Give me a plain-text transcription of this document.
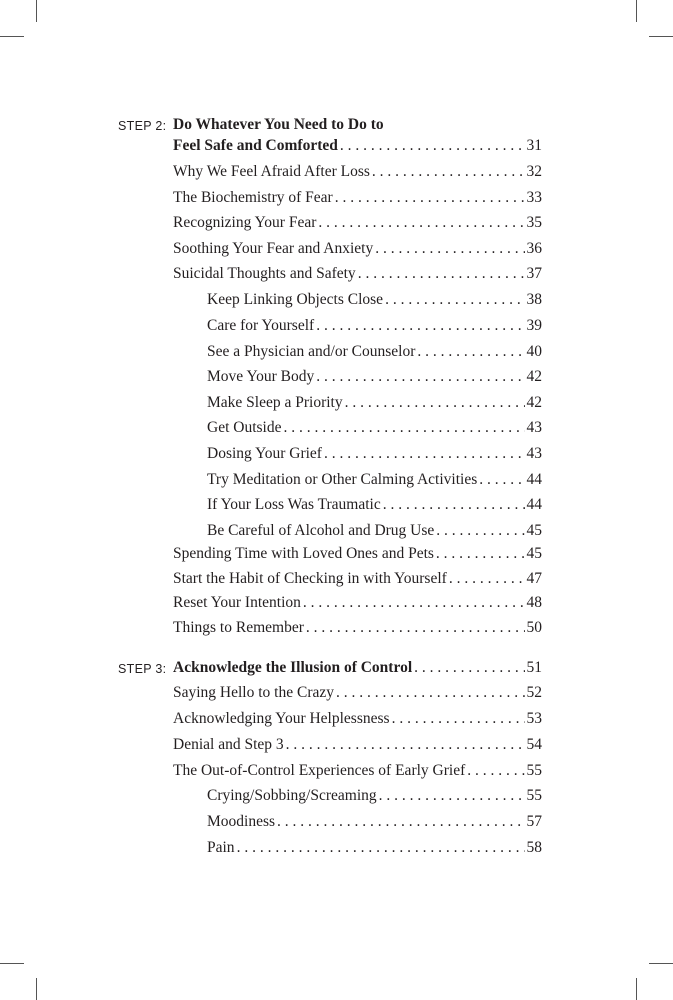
STEP 2: Do Whatever You Need to Do to
Feel Safe and Comforted . . .	31
Why We Feel Afraid After Loss . . .	32
The Biochemistry of Fear . . .	33
Recognizing Your Fear . . .	35
Soothing Your Fear and Anxiety . . .	36
Suicidal Thoughts and Safety . . .	37
Keep Linking Objects Close . . .	38
Care for Yourself . . .	39
See a Physician and/or Counselor . . .	40
Move Your Body . . .	42
Make Sleep a Priority . . .	42
Get Outside . . .	43
Dosing Your Grief . . .	43
Try Meditation or Other Calming Activities . . .	44
If Your Loss Was Traumatic . . .	44
Be Careful of Alcohol and Drug Use . . .	45
Spending Time with Loved Ones and Pets . . .	45
Start the Habit of Checking in with Yourself . . .	47
Reset Your Intention . . .	48
Things to Remember . . .	50
STEP 3: Acknowledge the Illusion of Control . . .	51
Saying Hello to the Crazy . . .	52
Acknowledging Your Helplessness . . .	53
Denial and Step 3 . . .	54
The Out-of-Control Experiences of Early Grief . . .	55
Crying/Sobbing/Screaming . . .	55
Moodiness . . .	57
Pain . . .	58
